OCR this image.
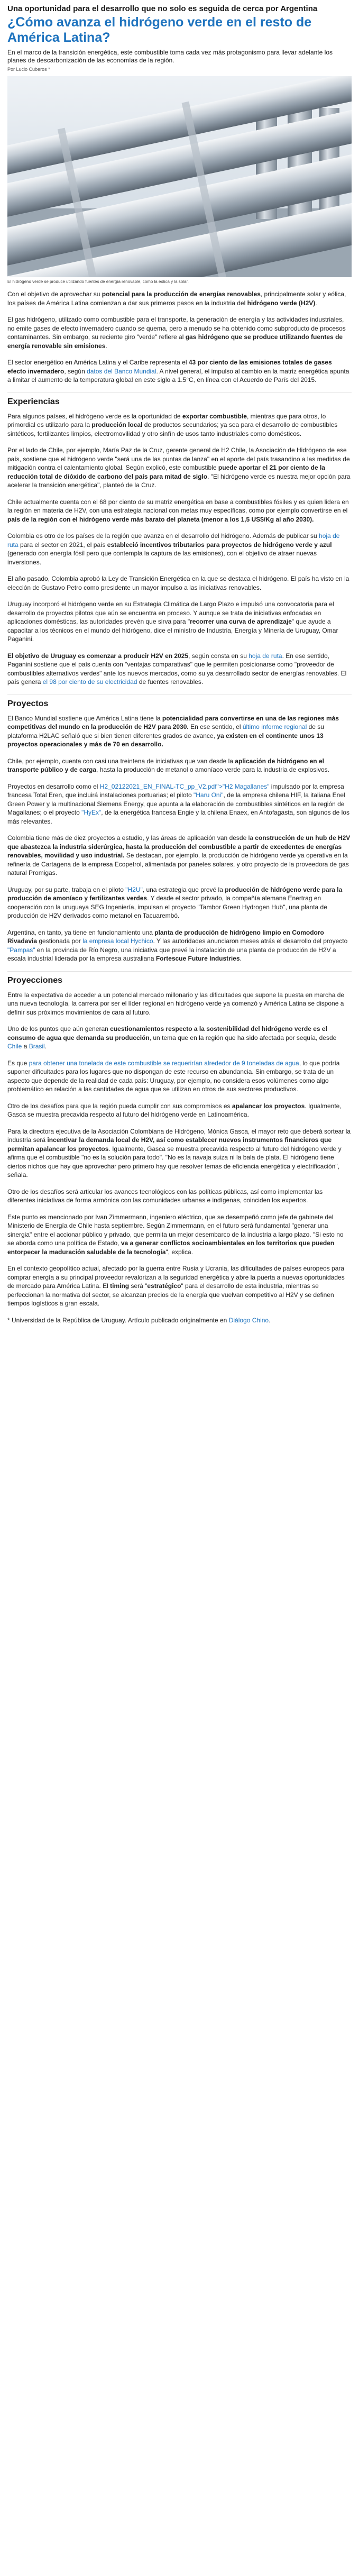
Una oportunidad para el desarrollo que no solo es seguida de cerca por Argentina
¿Cómo avanza el hidrógeno verde en el resto de América Latina?

En el marco de la transición energética, este combustible toma cada vez más protagonismo para llevar adelante los planes de descarbonización de las economías de la región.

Por Lucio Cuberos *
El hidrógeno verde se produce utilizando fuentes de energía renovable, como la eólica y la solar.

Con el objetivo de aprovechar su potencial para la producción de energías renovables, principalmente solar y eólica, los países de América Latina comienzan a dar sus primeros pasos en la industria del hidrógeno verde (H2V).

El gas hidrógeno, utilizado como combustible para el transporte, la generación de energía y las actividades industriales, no emite gases de efecto invernadero cuando se quema, pero a menudo se ha obtenido como subproducto de procesos contaminantes. Sin embargo, su reciente giro "verde" refiere al gas hidrógeno que se produce utilizando fuentes de energía renovable sin emisiones.

El sector energético en América Latina y el Caribe representa el 43 por ciento de las emisiones totales de gases efecto invernadero, según datos del Banco Mundial. A nivel general, el impulso al cambio en la matriz energética apunta a limitar el aumento de la temperatura global en este siglo a 1.5°C, en línea con el Acuerdo de París del 2015.

Experiencias

Para algunos países, el hidrógeno verde es la oportunidad de exportar combustible, mientras que para otros, lo primordial es utilizarlo para la producción local de productos secundarios; ya sea para el desarrollo de combustibles sintéticos, fertilizantes limpios, electromovilidad y otro sinfín de usos tanto industriales como domésticos.

Por el lado de Chile, por ejemplo, María Paz de la Cruz, gerente general de H2 Chile, la Asociación de Hidrógeno de ese país, sostiene que el hidrógeno verde "será una de las puntas de lanza" en el aporte del país trasandino a las medidas de mitigación contra el calentamiento global. Según explicó, este combustible puede aportar el 21 por ciento de la reducción total de dióxido de carbono del país para mitad de siglo. "El hidrógeno verde es nuestra mejor opción para acelerar la transición energética", planteó de la Cruz.

Chile actualmente cuenta con el 68 por ciento de su matriz energética en base a combustibles fósiles y es quien lidera en la región en materia de H2V, con una estrategia nacional con metas muy específicas, como por ejemplo convertirse en el país de la región con el hidrógeno verde más barato del planeta (menor a los 1,5 US$/Kg al año 2030).

Colombia es otro de los países de la región que avanza en el desarrollo del hidrógeno. Además de publicar su hoja de ruta para el sector en 2021, el país estableció incentivos tributarios para proyectos de hidrógeno verde y azul (generado con energía fósil pero que contempla la captura de las emisiones), con el objetivo de atraer nuevas inversiones.

El año pasado, Colombia aprobó la Ley de Transición Energética en la que se destaca el hidrógeno. El país ha visto en la elección de Gustavo Petro como presidente un mayor impulso a las iniciativas renovables.

Uruguay incorporó el hidrógeno verde en su Estrategia Climática de Largo Plazo e impulsó una convocatoria para el desarrollo de proyectos pilotos que aún se encuentra en proceso. Y aunque se trata de iniciativas enfocadas en aplicaciones domésticas, las autoridades prevén que sirva para "recorrer una curva de aprendizaje" que ayude a capacitar a los técnicos en el mundo del hidrógeno, dice el ministro de Industria, Energía y Minería de Uruguay, Omar Paganini.

El objetivo de Uruguay es comenzar a producir H2V en 2025, según consta en su hoja de ruta. En ese sentido, Paganini sostiene que el país cuenta con "ventajas comparativas" que le permiten posicionarse como "proveedor de combustibles alternativos verdes" ante los nuevos mercados, como su ya desarrollado sector de energías renovables. El país genera el 98 por ciento de su electricidad de fuentes renovables.

Proyectos

El Banco Mundial sostiene que América Latina tiene la potencialidad para convertirse en una de las regiones más competitivas del mundo en la producción de H2V para 2030. En ese sentido, el último informe regional de su plataforma H2LAC señaló que si bien tienen diferentes grados de avance, ya existen en el continente unos 13 proyectos operacionales y más de 70 en desarrollo.

Chile, por ejemplo, cuenta con casi una treintena de iniciativas que van desde la aplicación de hidrógeno en el transporte público y de carga, hasta la producción de metanol o amoníaco verde para la industria de explosivos.

Proyectos en desarrollo como el H2_02122021_EN_FINAL-TC_pp_V2.pdf">"H2 Magallanes" impulsado por la empresa francesa Total Eren, que incluirá instalaciones portuarias; el piloto "Haru Oni", de la empresa chilena HIF, la italiana Enel Green Power y la multinacional Siemens Energy, que apunta a la elaboración de combustibles sintéticos en la región de Magallanes; o el proyecto "HyEx", de la energética francesa Engie y la chilena Enaex, en Antofagasta, son algunos de los más relevantes.

Colombia tiene más de diez proyectos a estudio, y las áreas de aplicación van desde la construcción de un hub de H2V que abastezca la industria siderúrgica, hasta la producción del combustible a partir de excedentes de energías renovables, movilidad y uso industrial. Se destacan, por ejemplo, la producción de hidrógeno verde ya operativa en la refinería de Cartagena de la empresa Ecopetrol, alimentada por paneles solares, y otro proyecto de la proveedora de gas natural Promigas.

Uruguay, por su parte, trabaja en el piloto "H2U", una estrategia que prevé la producción de hidrógeno verde para la producción de amoníaco y fertilizantes verdes. Y desde el sector privado, la compañía alemana Enertrag en cooperación con la uruguaya SEG Ingeniería, impulsan el proyecto "Tambor Green Hydrogen Hub", una planta de producción de H2V derivados como metanol en Tacuarembó.

Argentina, en tanto, ya tiene en funcionamiento una planta de producción de hidrógeno limpio en Comodoro Rivadavia gestionada por la empresa local Hychico. Y las autoridades anunciaron meses atrás el desarrollo del proyecto "Pampas" en la provincia de Río Negro, una iniciativa que prevé la instalación de una planta de producción de H2V a escala industrial liderada por la empresa australiana Fortescue Future Industries.

Proyecciones

Entre la expectativa de acceder a un potencial mercado millonario y las dificultades que supone la puesta en marcha de una nueva tecnología, la carrera por ser el líder regional en hidrógeno verde ya comenzó y América Latina se dispone a definir sus próximos movimientos de cara al futuro.

Uno de los puntos que aún generan cuestionamientos respecto a la sostenibilidad del hidrógeno verde es el consumo de agua que demanda su producción, un tema que en la región que ha sido afectada por sequía, desde Chile a Brasil.

Es que para obtener una tonelada de este combustible se requerirían alrededor de 9 toneladas de agua, lo que podría suponer dificultades para los lugares que no dispongan de este recurso en abundancia. Sin embargo, se trata de un aspecto que depende de la realidad de cada país: Uruguay, por ejemplo, no considera esos volúmenes como algo problemático en relación a las cantidades de agua que se utilizan en otros de sus sectores productivos.

Otro de los desafíos para que la región pueda cumplir con sus compromisos es apalancar los proyectos. Igualmente, Gasca se muestra precavida respecto al futuro del hidrógeno verde en Latinoamérica.

Para la directora ejecutiva de la Asociación Colombiana de Hidrógeno, Mónica Gasca, el mayor reto que deberá sortear la industria será incentivar la demanda local de H2V, así como establecer nuevos instrumentos financieros que permitan apalancar los proyectos. Igualmente, Gasca se muestra precavida respecto al futuro del hidrógeno verde y afirma que el combustible "no es la solución para todo". "No es la navaja suiza ni la bala de plata. El hidrógeno tiene ciertos nichos que hay que aprovechar pero primero hay que resolver temas de eficiencia energética y electrificación", señala.

Otro de los desafíos será articular los avances tecnológicos con las políticas públicas, así como implementar las diferentes iniciativas de forma armónica con las comunidades urbanas e indígenas, coinciden los expertos.

Este punto es mencionado por Ivan Zimmermann, ingeniero eléctrico, que se desempeñó como jefe de gabinete del Ministerio de Energía de Chile hasta septiembre. Según Zimmermann, en el futuro será fundamental "generar una sinergia" entre el accionar público y privado, que permita un mejor desembarco de la industria a largo plazo. "Si esto no se aborda como una política de Estado, va a generar conflictos socioambientales en los territorios que pueden entorpecer la maduración saludable de la tecnología", explica.

En el contexto geopolítico actual, afectado por la guerra entre Rusia y Ucrania, las dificultades de países europeos para comprar energía a su principal proveedor revalorizan a la seguridad energética y abre la puerta a nuevas oportunidades de mercado para América Latina. El timing será "estratégico" para el desarrollo de esta industria, mientras se perfeccionan la normativa del sector, se alcanzan precios de la energía que vuelvan competitivo al H2V y se definen tiempos logísticos a gran escala.

* Universidad de la República de Uruguay. Artículo publicado originalmente en Diálogo Chino.
